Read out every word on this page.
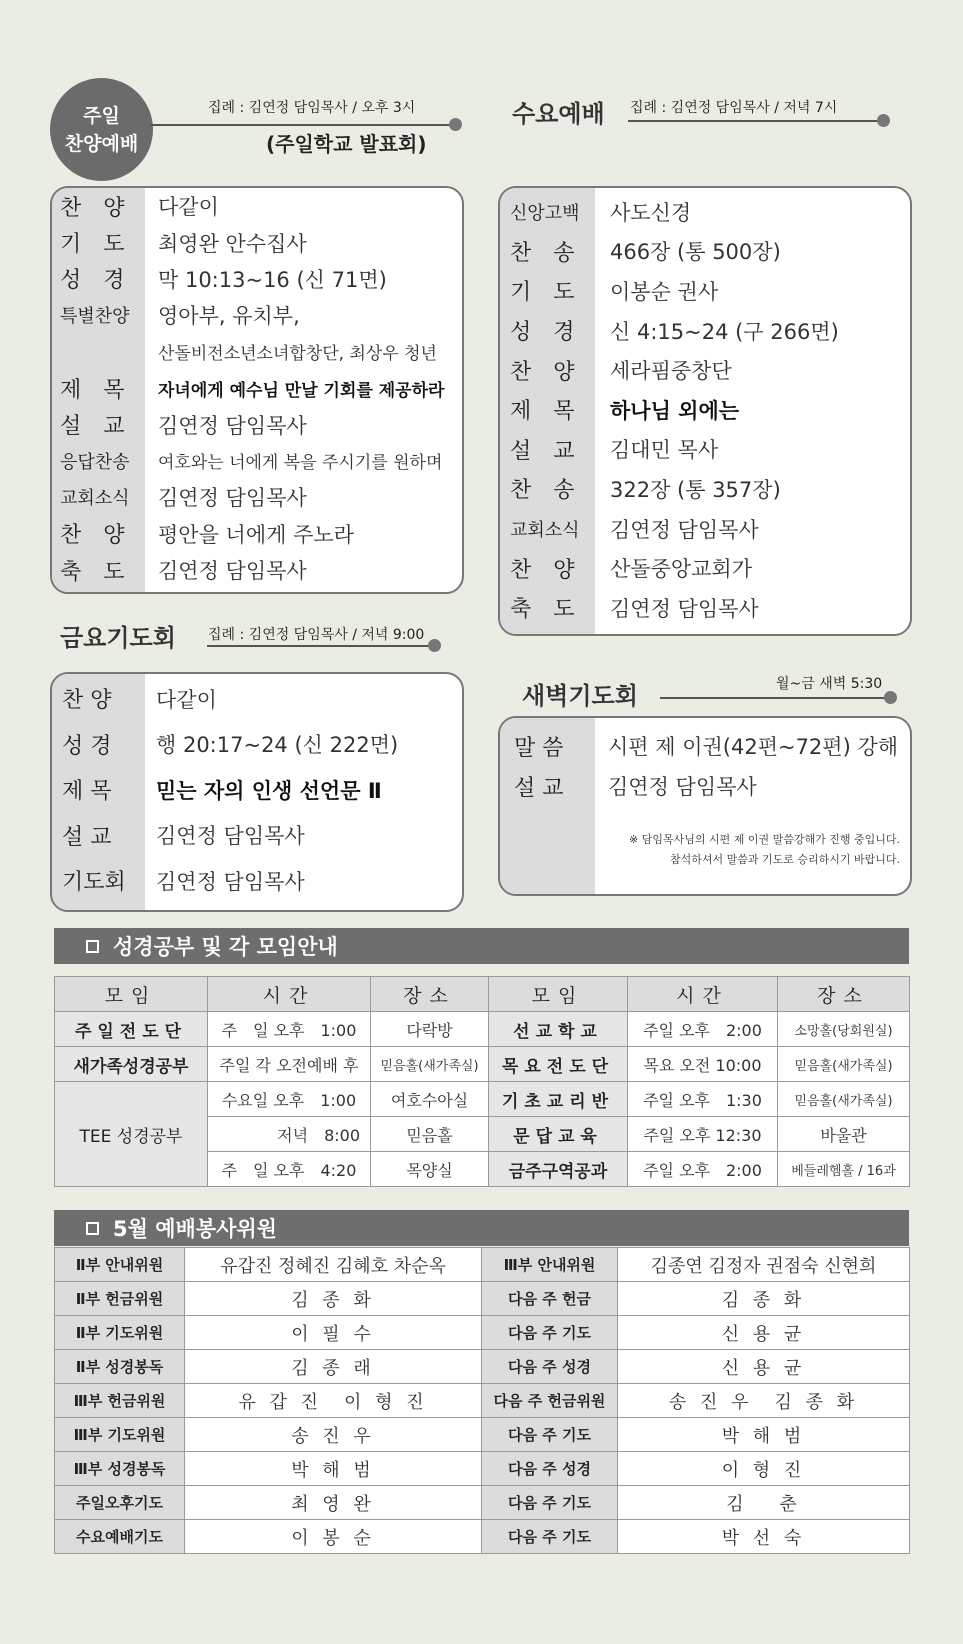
주일
찬양예배
집례 : 김연정 담임목사 / 오후 3시
(주일학교 발표회)
찬　양	다같이
기　도	최영완 안수집사
성　경	막 10:13~16 (신 71면)
특별찬양	영아부, 유치부,
산돌비전소년소녀합창단, 최상우 청년
제　목	자녀에게 예수님 만날 기회를 제공하라
설　교	김연정 담임목사
응답찬송	여호와는 너에게 복을 주시기를 원하며
교회소식	김연정 담임목사
찬　양	평안을 너에게 주노라
축　도	김연정 담임목사
수요예배 집례 : 김연정 담임목사 / 저녁 7시
신앙고백	사도신경
찬　송	466장 (통 500장)
기　도	이봉순 권사
성　경	신 4:15~24 (구 266면)
찬　양	세라핌중창단
제　목	하나님 외에는
설　교	김대민 목사
찬　송	322장 (통 357장)
교회소식	김연정 담임목사
찬　양	산돌중앙교회가
축　도	김연정 담임목사
금요기도회 집례 : 김연정 담임목사 / 저녁 9:00
찬 양	다같이
성 경	행 20:17~24 (신 222면)
제 목	믿는 자의 인생 선언문 Ⅱ
설 교	김연정 담임목사
기도회 김연정 담임목사
새벽기도회	월~금 새벽 5:30
말 씀	시편 제 이권(42편~72편) 강해
설 교	김연정 담임목사
※ 담임목사님의 시편 제 이권 말씀강해가 진행 중입니다.
참석하셔서 말씀과 기도로 승리하시기 바랍니다.
성경공부 및 각 모임안내
모임	시간	장소	모임	시간	장소
주일전도단	주　일 오후　1:00	다락방	선교학교	주일 오후　2:00	소망홀(당회원실)
새가족성경공부	주일 각 오전예배 후	믿음홀(새가족실)	목요전도단	목요 오전 10:00	믿음홀(새가족실)
TEE 성경공부	수요일 오후　1:00	여호수아실	기초교리반	주일 오후　1:30	믿음홀(새가족실)
	저녁　8:00	믿음홀	문답교육	주일 오후 12:30	바울관
	주　일 오후　4:20	목양실	금주구역공과	주일 오후　2:00	베들레헴홀 / 16과
5월 예배봉사위원
Ⅱ부 안내위원	유갑진 정혜진 김혜호 차순옥	Ⅲ부 안내위원	김종연 김정자 권점숙 신현희
Ⅱ부 헌금위원	김 종 화	다음 주 헌금	김 종 화
Ⅱ부 기도위원	이 필 수	다음 주 기도	신 용 균
Ⅱ부 성경봉독	김 종 래	다음 주 성경	신 용 균
Ⅲ부 헌금위원	유 갑 진　이 형 진	다음 주 헌금위원	송 진 우　김 종 화
Ⅲ부 기도위원	송 진 우	다음 주 기도	박 해 범
Ⅲ부 성경봉독	박 해 범	다음 주 성경	이 형 진
주일오후기도	최 영 완	다음 주 기도	김　 춘
수요예배기도	이 봉 순	다음 주 기도	박 선 숙
